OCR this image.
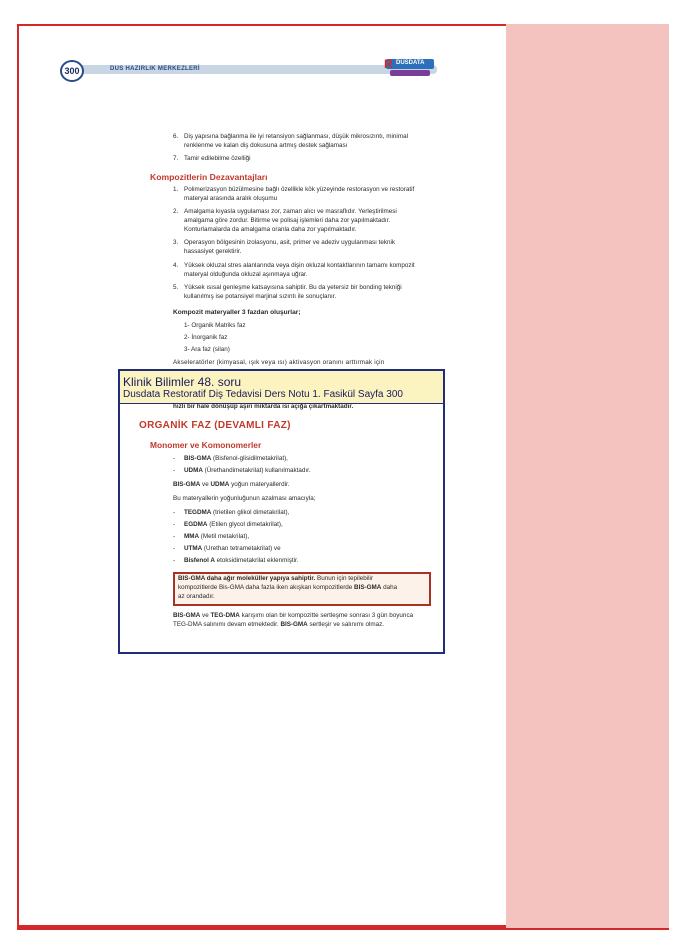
300	DUS HAZIRLIK MERKEZLERİ
DUSDATA
R
6. Diş yapısına bağlanma ile iyi retansiyon sağlanması, düşük mikrosızıntı, minimal
renklenme ve kalan diş dokusuna artmış destek sağlaması
7. Tamir edilebilme özelliği
Kompozitlerin Dezavantajları
1. Polimerizasyon büzülmesine bağlı özellikle kök yüzeyinde restorasyon ve restoratif
materyal arasında aralık oluşumu
2. Amalgama kıyasla uygulaması zor, zaman alıcı ve masraflıdır. Yerleştirilmesi
amalgama göre zordur. Bitirme ve polisaj işlemleri daha zor yapılmaktadır.
Konturlamalarda da amalgama oranla daha zor yapılmaktadır.
3. Operasyon bölgesinin izolasyonu, asit, primer ve adeziv uygulanması teknik
hassasiyet gerektirir.
4. Yüksek okluzal stres alanlarında veya dişin okluzal kontaktlarının tamamı kompozit
materyal olduğunda okluzal aşınmaya uğrar.
5. Yüksek ısısal genleşme katsayısına sahiptir. Bu da yetersiz bir bonding tekniği
kullanılmış ise potansiyel marjinal sızıntı ile sonuçlanır.
Kompozit materyaller 3 fazdan oluşurlar;
1- Organik Matriks faz
2- İnorganik faz
3- Ara faz (silan)
Akseleratörler (kimyasal, ışık veya ısı) aktivasyon oranını arttırmak için
Klinik Bilimler 48. soru
Dusdata Restoratif Diş Tedavisi Ders Notu 1. Fasikül Sayfa 300
hızlı bir hale dönüşüp aşırı miktarda ısı açığa çıkartmaktadır.
ORGANİK FAZ (DEVAMLI FAZ)
Monomer ve Komonomerler
- BIS-GMA (Bisfenol-glisidilmetakrilat),
- UDMA (Ürethandimetakrilat) kullanılmaktadır.
BIS-GMA ve UDMA yoğun materyallerdir.
Bu materyallerin yoğunluğunun azalması amacıyla;
- TEGDMA (trietilen glikol dimetakrilat),
- EGDMA (Etilen glycol dimetakrilat),
- MMA (Metil metakrilat),
- UTMA (Urethan tetrametakrilat) ve
- Bisfenol A etoksidimetakrilat eklenmiştir.
BIS-GMA daha ağır moleküller yapıya sahiptir. Bunun için tepilebilir
kompozitlerde Bis-GMA daha fazla iken akışkan kompozitlerde BIS-GMA daha
az orandadır.
BIS-GMA ve TEG-DMA karışımı olan bir kompozitte sertleşme sonrası 3 gün boyunca
TEG-DMA salınımı devam etmektedir. BIS-GMA sertleşir ve salınımı olmaz.
